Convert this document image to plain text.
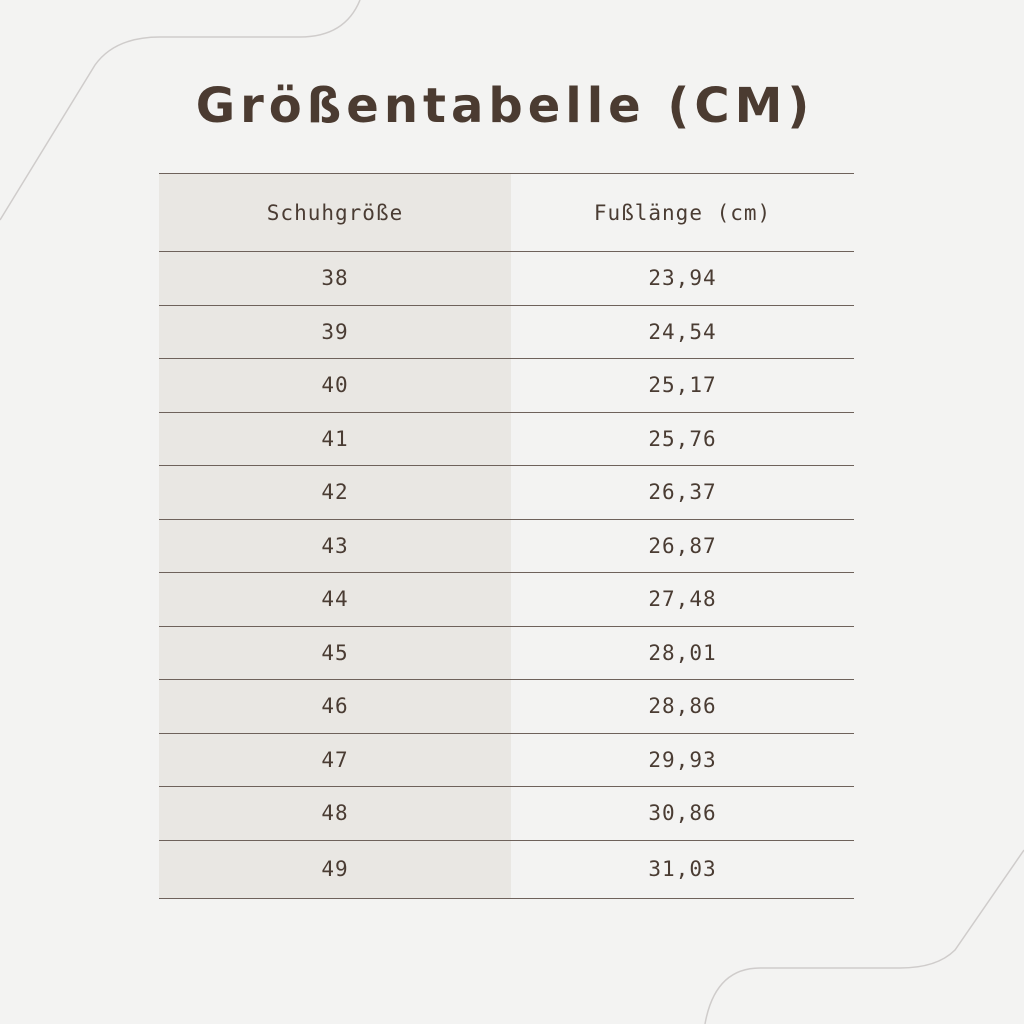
Größentabelle (CM)
Schuhgröße	Fußlänge (cm)
38	23,94
39	24,54
40	25,17
41	25,76
42	26,37
43	26,87
44	27,48
45	28,01
46	28,86
47	29,93
48	30,86
49	31,03
